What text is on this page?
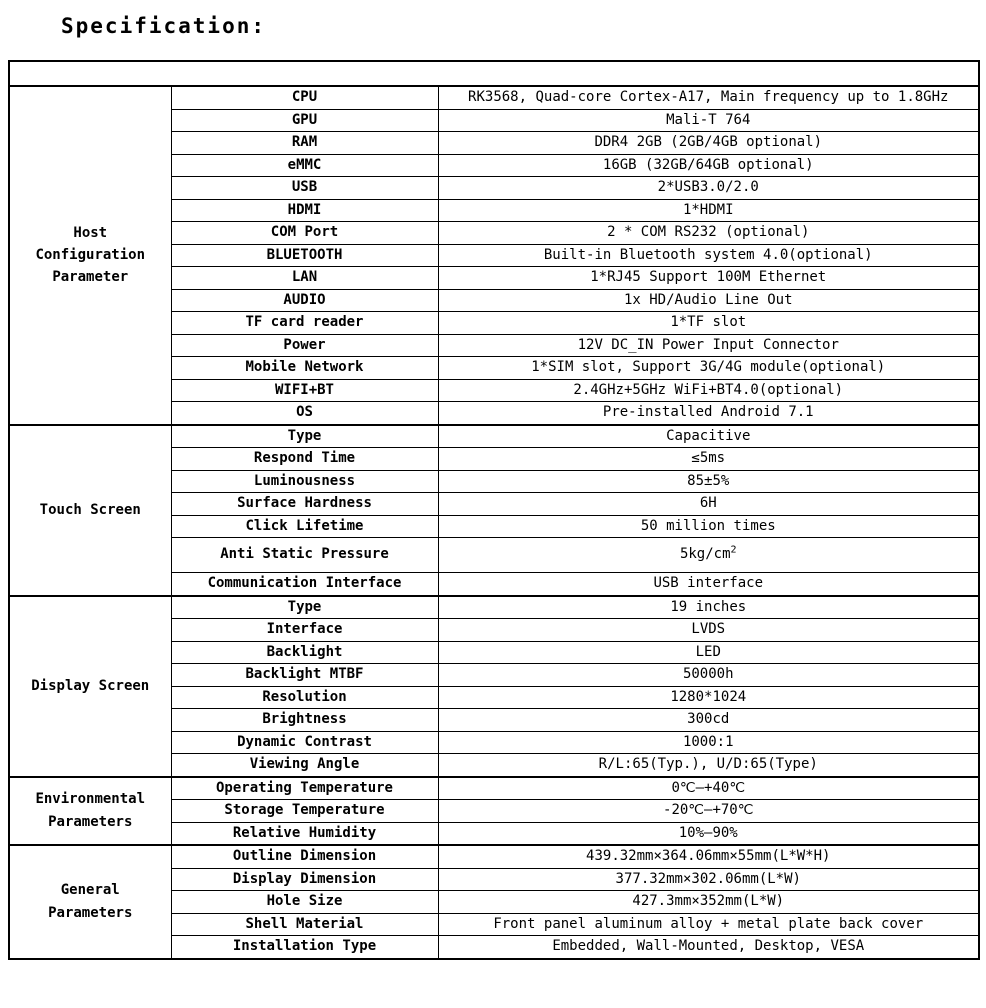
Specification:

Host
Configuration
Parameter	CPU	RK3568, Quad-core Cortex-A17, Main frequency up to 1.8GHz
	GPU	Mali-T 764
	RAM	DDR4 2GB (2GB/4GB optional)
	eMMC	16GB (32GB/64GB optional)
	USB	2*USB3.0/2.0
	HDMI	1*HDMI
	COM Port	2 * COM RS232 (optional)
	BLUETOOTH	Built-in Bluetooth system 4.0(optional)
	LAN	1*RJ45 Support 100M Ethernet
	AUDIO	1x HD/Audio Line Out
	TF card reader	1*TF slot
	Power	12V DC_IN Power Input Connector
	Mobile Network	1*SIM slot, Support 3G/4G module(optional)
	WIFI+BT	2.4GHz+5GHz WiFi+BT4.0(optional)
	OS	Pre-installed Android 7.1

Touch Screen	Type	Capacitive
	Respond Time	≤5ms
	Luminousness	85±5%
	Surface Hardness	6H
	Click Lifetime	50 million times
	Anti Static Pressure	$5kg/cm^2$
	Communication Interface	USB interface

Display Screen	Type	19 inches
	Interface	LVDS
	Backlight	LED
	Backlight MTBF	50000h
	Resolution	1280*1024
	Brightness	300cd
	Dynamic Contrast	1000:1
	Viewing Angle	R/L:65(Typ.), U/D:65(Type)

Environmental
Parameters	Operating Temperature	0℃—+40℃
	Storage Temperature	-20℃—+70℃
	Relative Humidity	10%—90%

General
Parameters	Outline Dimension	439.32mm×364.06mm×55mm(L*W*H)
	Display Dimension	377.32mm×302.06mm(L*W)
	Hole Size	427.3mm×352mm(L*W)
	Shell Material	Front panel aluminum alloy + metal plate back cover
	Installation Type	Embedded, Wall-Mounted, Desktop, VESA
